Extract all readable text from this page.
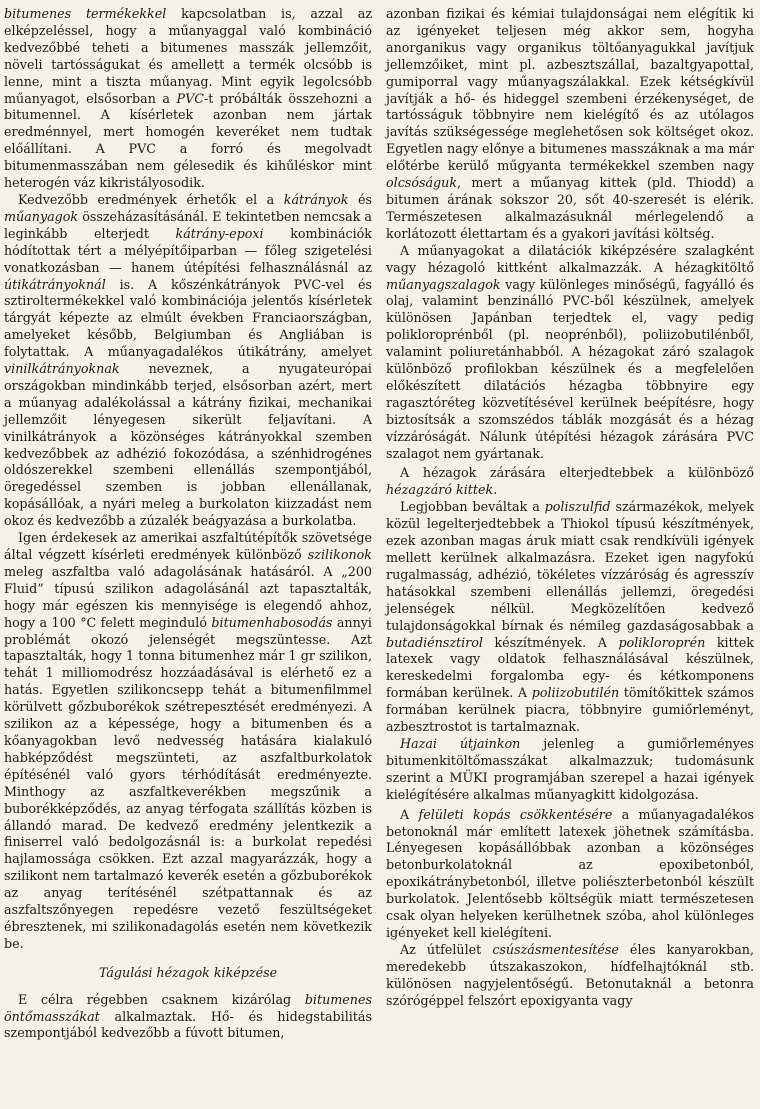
bitumenes termékekkel kapcsolatban is, azzal az elképzeléssel, hogy a műanyaggal való kombináció kedvezőbbé teheti a bitumenes masszák jellemzőit, növeli tartósságukat és amellett a termék olcsóbb is lenne, mint a tiszta műanyag. Mint egyik legolcsóbb műanyagot, elsősorban a PVC-t próbálták összehozni a bitumennel. A kísérletek azonban nem jártak eredménnyel, mert homogén keveréket nem tudtak előállítani. A PVC a forró és megolvadt bitumenmasszában nem gélesedik és kihűléskor mint heterogén váz kikristályosodik.

Kedvezőbb eredmények érhetők el a kátrányok és műanyagok összeházasításánál. E tekintetben nemcsak a leginkább elterjedt kátrány-epoxi kombinációk hódítottak tért a mélyépítőiparban — főleg szigetelési vonatkozásban — hanem útépítési felhasználásnál az útikátrányoknál is. A kőszénkátrányok PVC-vel és sztiroltermékekkel való kombinációja jelentős kísérletek tárgyát képezte az elmúlt években Franciaországban, amelyeket később, Belgiumban és Angliában is folytattak. A műanyagadalékos útikátrány, amelyet vinilkátrányoknak neveznek, a nyugateurópai országokban mindinkább terjed, elsősorban azért, mert a műanyag adalékolással a kátrány fizikai, mechanikai jellemzőit lényegesen sikerült feljavítani. A vinilkátrányok a közönséges kátrányokkal szemben kedvezőbbek az adhézió fokozódása, a szénhidrogénes oldószerekkel szembeni ellenállás szempontjából, öregedéssel szemben is jobban ellenállanak, kopásállóak, a nyári meleg a burkolaton kiizzadást nem okoz és kedvezőbb a zúzalék beágyazása a burkolatba.

Igen érdekesek az amerikai aszfaltútépítők szövetsége által végzett kísérleti eredmények különböző szilikonok meleg aszfaltba való adagolásának hatásáról. A „200 Fluid” típusú szilikon adagolásánál azt tapasztalták, hogy már egészen kis mennyisége is elegendő ahhoz, hogy a 100 °C felett meginduló bitumenhabosodás annyi problémát okozó jelenségét megszüntesse. Azt tapasztalták, hogy 1 tonna bitumenhez már 1 gr szilikon, tehát 1 milliomodrész hozzáadásával is elérhető ez a hatás. Egyetlen szilikoncsepp tehát a bitumenfilmmel körülvett gőzbuborékok szétrepesztését eredményezi. A szilikon az a képessége, hogy a bitumenben és a kőanyagokban levő nedvesség hatására kialakuló habképződést megszünteti, az aszfaltburkolatok építésénél való gyors térhódítását eredményezte. Minthogy az aszfaltkeverékben megszűnik a buborékképződés, az anyag térfogata szállítás közben is állandó marad. De kedvező eredmény jelentkezik a finiserrel való bedolgozásnál is: a burkolat repedési hajlamossága csökken. Ezt azzal magyarázzák, hogy a szilikont nem tartalmazó keverék esetén a gőzbuborékok az anyag terítésénél szétpattannak és az aszfaltszőnyegen repedésre vezető feszültségeket ébresztenek, mi szilikonadagolás esetén nem következik be.

Tágulási hézagok kiképzése

E célra régebben csaknem kizárólag bitumenes öntőmasszákat alkalmaztak. Hő- és hidegstabilitás szempontjából kedvezőbb a fúvott bitumen,

azonban fizikai és kémiai tulajdonságai nem elégítik ki az igényeket teljesen még akkor sem, hogyha anorganikus vagy organikus töltőanyagukkal javítjuk jellemzőiket, mint pl. azbesztszállal, bazaltgyapottal, gumiporral vagy műanyagszálakkal. Ezek kétségkívül javítják a hő- és hideggel szembeni érzékenységet, de tartósságuk többnyire nem kielégítő és az utólagos javítás szükségessége meglehetősen sok költséget okoz. Egyetlen nagy előnye a bitumenes masszáknak a ma már előtérbe kerülő műgyanta termékekkel szemben nagy olcsóságuk, mert a műanyag kittek (pld. Thiodd) a bitumen árának sokszor 20, sőt 40-szeresét is elérik. Természetesen alkalmazásuknál mérlegelendő a korlátozott élettartam és a gyakori javítási költség.

A műanyagokat a dilatációk kiképzésére szalagként vagy hézagoló kittként alkalmazzák. A hézagkitöltő műanyagszalagok vagy különleges minőségű, fagyálló és olaj, valamint benzinálló PVC-ből készülnek, amelyek különösen Japánban terjedtek el, vagy pedig polikloroprénből (pl. neoprénből), poliizobutilénből, valamint poliuretánhabból. A hézagokat záró szalagok különböző profilokban készülnek és a megfelelően előkészített dilatációs hézagba többnyire egy ragasztóréteg közvetítésével kerülnek beépítésre, hogy biztosítsák a szomszédos táblák mozgását és a hézag vízzáróságát. Nálunk útépítési hézagok zárására PVC szalagot nem gyártanak.

A hézagok zárására elterjedtebbek a különböző hézagzáró kittek.

Legjobban beváltak a poliszulfid származékok, melyek közül legelterjedtebbek a Thiokol típusú készítmények, ezek azonban magas áruk miatt csak rendkívüli igények mellett kerülnek alkalmazásra. Ezeket igen nagyfokú rugalmasság, adhézió, tökéletes vízzáróság és agresszív hatásokkal szembeni ellenállás jellemzi, öregedési jelenségek nélkül. Megközelítően kedvező tulajdonságokkal bírnak és némileg gazdaságosabbak a butadiénsztirol készítmények. A polikloroprén kittek latexek vagy oldatok felhasználásával készülnek, kereskedelmi forgalomba egy- és kétkomponens formában kerülnek. A poliizobutilén tömítőkittek számos formában kerülnek piacra, többnyire gumiőrleményt, azbesztrostot is tartalmaznak.

Hazai útjainkon jelenleg a gumiőrleményes bitumenkitöltőmasszákat alkalmazzuk; tudomásunk szerint a MÜKI programjában szerepel a hazai igények kielégítésére alkalmas műanyagkitt kidolgozása.

A felületi kopás csökkentésére a műanyagadalékos betonoknál már említett latexek jöhetnek számításba. Lényegesen kopásállóbbak azonban a közönséges betonburkolatoknál az epoxibetonból, epoxikátránybetonból, illetve poliészterbetonból készült burkolatok. Jelentősebb költségük miatt természetesen csak olyan helyeken kerülhetnek szóba, ahol különleges igényeket kell kielégíteni.

Az útfelület csúszásmentesítése éles kanyarokban, meredekebb útszakaszokon, hídfelhajtóknál stb. különösen nagyjelentőségű. Betonutaknál a betonra szórógéppel felszórt epoxigyanta vagy
